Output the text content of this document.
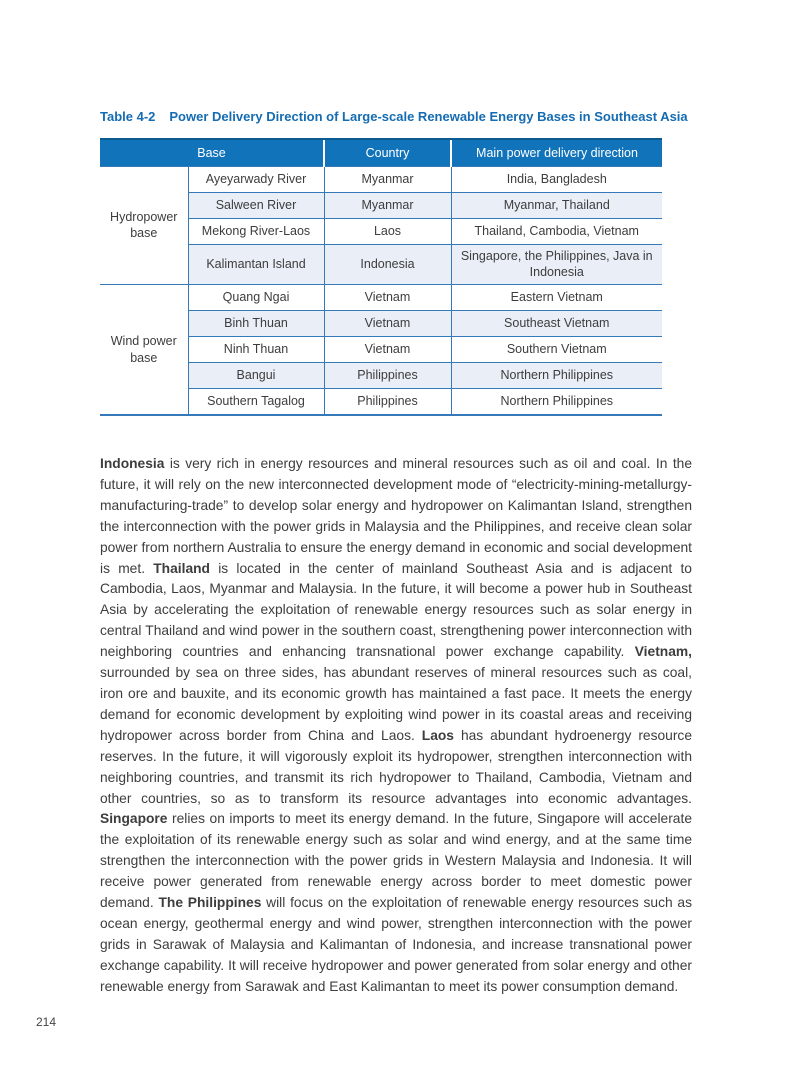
Table 4-2 Power Delivery Direction of Large-scale Renewable Energy Bases in Southeast Asia
Base		Country	Main power delivery direction
Hydropower base	Ayeyarwady River	Myanmar	India, Bangladesh
	Salween River	Myanmar	Myanmar, Thailand
	Mekong River-Laos	Laos	Thailand, Cambodia, Vietnam
	Kalimantan Island	Indonesia	Singapore, the Philippines, Java in Indonesia
Wind power base	Quang Ngai	Vietnam	Eastern Vietnam
	Binh Thuan	Vietnam	Southeast Vietnam
	Ninh Thuan	Vietnam	Southern Vietnam
	Bangui	Philippines	Northern Philippines
	Southern Tagalog	Philippines	Northern Philippines

Indonesia is very rich in energy resources and mineral resources such as oil and coal. In the future, it will rely on the new interconnected development mode of “electricity-mining-metallurgy-manufacturing-trade” to develop solar energy and hydropower on Kalimantan Island, strengthen the interconnection with the power grids in Malaysia and the Philippines, and receive clean solar power from northern Australia to ensure the energy demand in economic and social development is met. Thailand is located in the center of mainland Southeast Asia and is adjacent to Cambodia, Laos, Myanmar and Malaysia. In the future, it will become a power hub in Southeast Asia by accelerating the exploitation of renewable energy resources such as solar energy in central Thailand and wind power in the southern coast, strengthening power interconnection with neighboring countries and enhancing transnational power exchange capability. Vietnam, surrounded by sea on three sides, has abundant reserves of mineral resources such as coal, iron ore and bauxite, and its economic growth has maintained a fast pace. It meets the energy demand for economic development by exploiting wind power in its coastal areas and receiving hydropower across border from China and Laos. Laos has abundant hydroenergy resource reserves. In the future, it will vigorously exploit its hydropower, strengthen interconnection with neighboring countries, and transmit its rich hydropower to Thailand, Cambodia, Vietnam and other countries, so as to transform its resource advantages into economic advantages. Singapore relies on imports to meet its energy demand. In the future, Singapore will accelerate the exploitation of its renewable energy such as solar and wind energy, and at the same time strengthen the interconnection with the power grids in Western Malaysia and Indonesia. It will receive power generated from renewable energy across border to meet domestic power demand. The Philippines will focus on the exploitation of renewable energy resources such as ocean energy, geothermal energy and wind power, strengthen interconnection with the power grids in Sarawak of Malaysia and Kalimantan of Indonesia, and increase transnational power exchange capability. It will receive hydropower and power generated from solar energy and other renewable energy from Sarawak and East Kalimantan to meet its power consumption demand.

214
